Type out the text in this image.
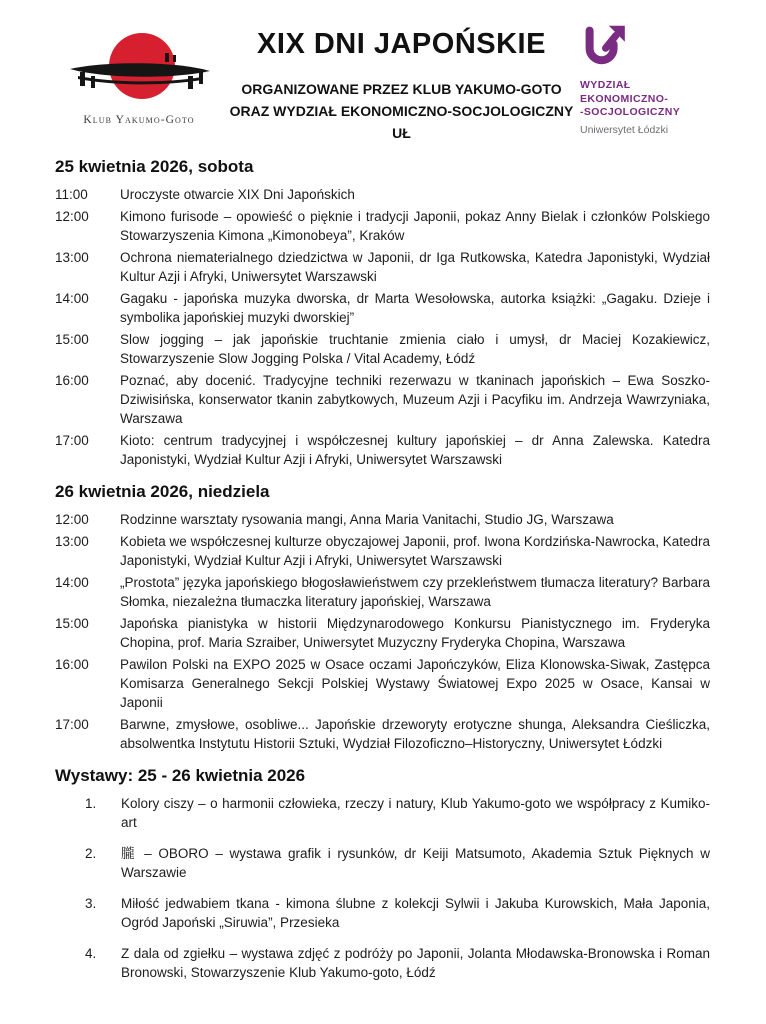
Klub Yakumo-Goto
XIX DNI JAPOŃSKIE

ORGANIZOWANE PRZEZ KLUB YAKUMO-GOTO

ORAZ WYDZIAŁ EKONOMICZNO-SOCJOLOGICZNY UŁ

WYDZIAŁ
EKONOMICZNO-
-SOCJOLOGICZNY
Uniwersytet Łódzki
25 kwietnia 2026, sobota
11:00	Uroczyste otwarcie XIX Dni Japońskich
12:00	Kimono furisode – opowieść o pięknie i tradycji Japonii, pokaz Anny Bielak i członków Polskiego Stowarzyszenia Kimona „Kimonobeya”, Kraków
13:00	Ochrona niematerialnego dziedzictwa w Japonii, dr Iga Rutkowska, Katedra Japonistyki, Wydział Kultur Azji i Afryki, Uniwersytet Warszawski
14:00	Gagaku - japońska muzyka dworska, dr Marta Wesołowska, autorka książki: „Gagaku. Dzieje i symbolika japońskiej muzyki dworskiej”
15:00	Slow jogging – jak japońskie truchtanie zmienia ciało i umysł, dr Maciej Kozakiewicz, Stowarzyszenie Slow Jogging Polska / Vital Academy, Łódź
16:00	Poznać, aby docenić. Tradycyjne techniki rezerwazu w tkaninach japońskich – Ewa Soszko-Dziwisińska, konserwator tkanin zabytkowych, Muzeum Azji i Pacyfiku im. Andrzeja Wawrzyniaka, Warszawa
17:00	Kioto: centrum tradycyjnej i współczesnej kultury japońskiej – dr Anna Zalewska. Katedra Japonistyki, Wydział Kultur Azji i Afryki, Uniwersytet Warszawski
26 kwietnia 2026, niedziela
12:00	Rodzinne warsztaty rysowania mangi, Anna Maria Vanitachi, Studio JG, Warszawa
13:00	Kobieta we współczesnej kulturze obyczajowej Japonii, prof. Iwona Kordzińska-Nawrocka, Katedra Japonistyki, Wydział Kultur Azji i Afryki, Uniwersytet Warszawski
14:00	„Prostota” języka japońskiego błogosławieństwem czy przekleństwem tłumacza literatury? Barbara Słomka, niezależna tłumaczka literatury japońskiej, Warszawa
15:00	Japońska pianistyka w historii Międzynarodowego Konkursu Pianistycznego im. Fryderyka Chopina, prof. Maria Szraiber, Uniwersytet Muzyczny Fryderyka Chopina, Warszawa
16:00	Pawilon Polski na EXPO 2025 w Osace oczami Japończyków, Eliza Klonowska-Siwak, Zastępca Komisarza Generalnego Sekcji Polskiej Wystawy Światowej Expo 2025 w Osace, Kansai w Japonii
17:00	Barwne, zmysłowe, osobliwe... Japońskie drzeworyty erotyczne shunga, Aleksandra Cieśliczka, absolwentka Instytutu Historii Sztuki, Wydział Filozoficzno–Historyczny, Uniwersytet Łódzki
Wystawy: 25 - 26 kwietnia 2026
1.	Kolory ciszy – o harmonii człowieka, rzeczy i natury, Klub Yakumo-goto we współpracy z Kumiko-art
2.	朧 – OBORO – wystawa grafik i rysunków, dr Keiji Matsumoto, Akademia Sztuk Pięknych w Warszawie
3.	Miłość jedwabiem tkana - kimona ślubne z kolekcji Sylwii i Jakuba Kurowskich, Mała Japonia, Ogród Japoński „Siruwia”, Przesieka
4.	Z dala od zgiełku – wystawa zdjęć z podróży po Japonii, Jolanta Młodawska-Bronowska i Roman Bronowski, Stowarzyszenie Klub Yakumo-goto, Łódź
